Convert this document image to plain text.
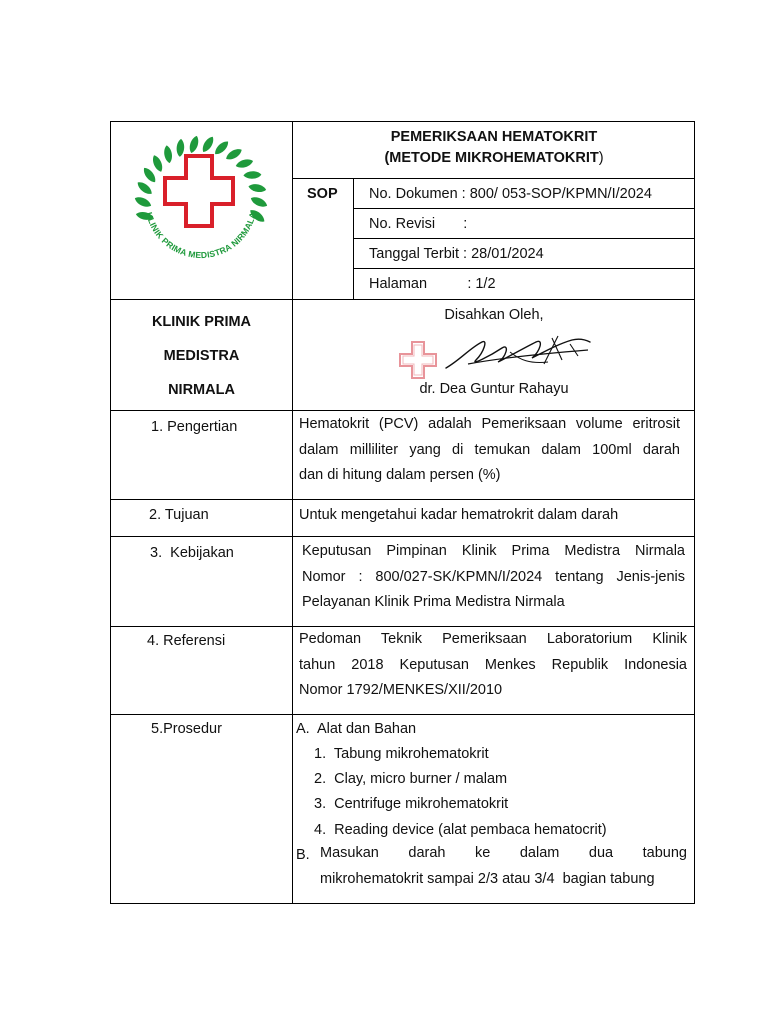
KLINIK PRIMA MEDISTRA NIRMALA
PEMERIKSAAN HEMATOKRIT
(METODE MIKROHEMATOKRIT)
SOP No. Dokumen : 800/ 053-SOP/KPMN/I/2024
No. Revisi       :
Tanggal Terbit : 28/01/2024
Halaman          : 1/2
KLINIK PRIMA
MEDISTRA
NIRMALA
Disahkan Oleh,
dr. Dea Guntur Rahayu
1. Pengertian	Hematokrit (PCV) adalah Pemeriksaan volume eritrosit
dalam milliliter yang di temukan dalam 100ml darah
dan di hitung dalam persen (%)
2. Tujuan	Untuk mengetahui kadar hematrokrit dalam darah
3.  Kebijakan	Keputusan Pimpinan Klinik Prima Medistra Nirmala
Nomor : 800/027-SK/KPMN/I/2024 tentang Jenis-jenis
Pelayanan Klinik Prima Medistra Nirmala
4. Referensi	Pedoman Teknik Pemeriksaan Laboratorium Klinik
tahun 2018 Keputusan Menkes Republik Indonesia
Nomor 1792/MENKES/XII/2010
5.Prosedur	A.  Alat dan Bahan
1.  Tabung mikrohematokrit
2.  Clay, micro burner / malam
3.  Centrifuge mikrohematokrit
4.  Reading device (alat pembaca hematocrit)
B. Masukan    darah    ke    dalam    dua    tabung
mikrohematokrit sampai 2/3 atau 3/4  bagian tabung
